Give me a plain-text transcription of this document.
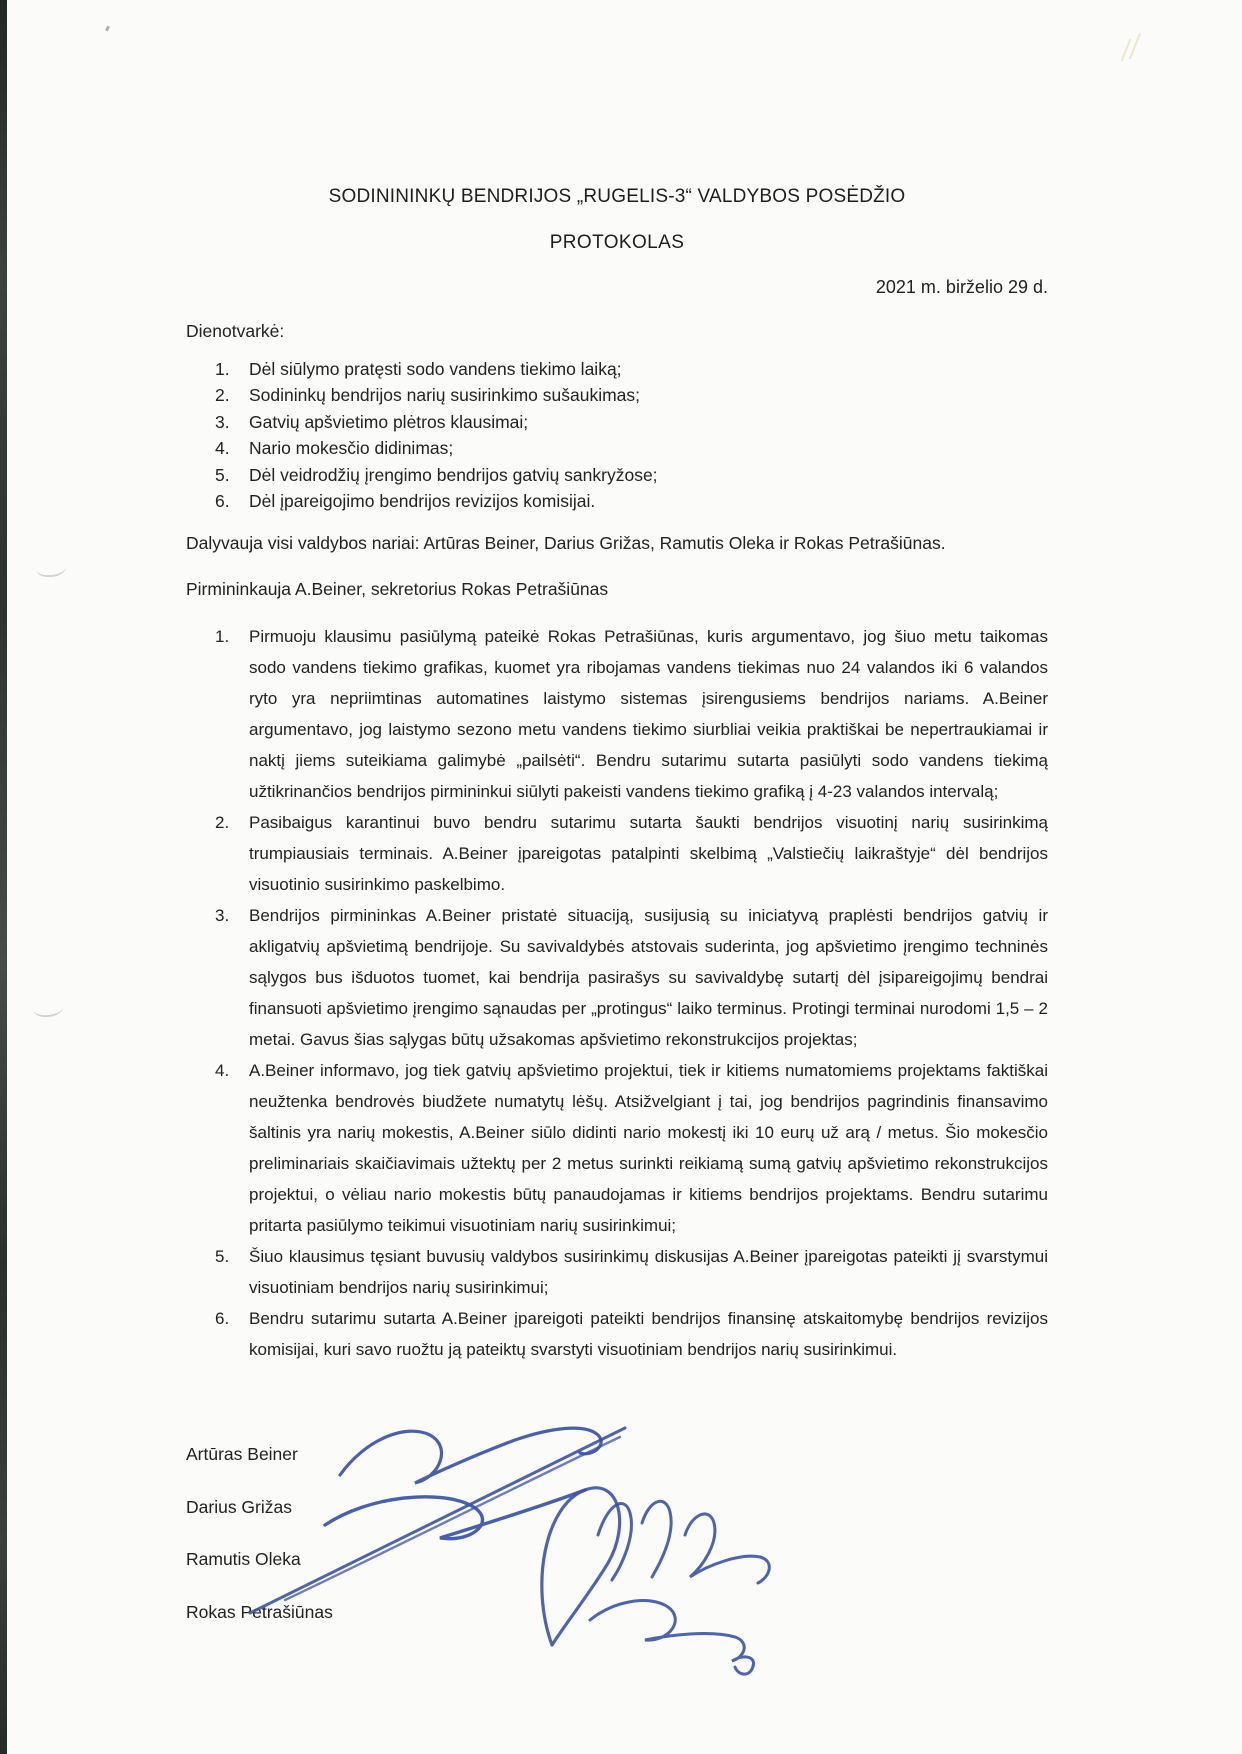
SODINININKŲ BENDRIJOS „RUGELIS-3“ VALDYBOS POSĖDŽIO
PROTOKOLAS
2021 m. birželio 29 d.
Dienotvarkė:
1.	Dėl siūlymo pratęsti sodo vandens tiekimo laiką;
2.	Sodininkų bendrijos narių susirinkimo sušaukimas;
3.	Gatvių apšvietimo plėtros klausimai;
4.	Nario mokesčio didinimas;
5.	Dėl veidrodžių įrengimo bendrijos gatvių sankryžose;
6.	Dėl įpareigojimo bendrijos revizijos komisijai.
Dalyvauja visi valdybos nariai: Artūras Beiner, Darius Grižas, Ramutis Oleka ir Rokas Petrašiūnas.
Pirmininkauja A.Beiner, sekretorius Rokas Petrašiūnas
1.	Pirmuoju klausimu pasiūlymą pateikė Rokas Petrašiūnas, kuris argumentavo, jog šiuo metu taikomas sodo vandens tiekimo grafikas, kuomet yra ribojamas vandens tiekimas nuo 24 valandos iki 6 valandos ryto yra nepriimtinas automatines laistymo sistemas įsirengusiems bendrijos nariams. A.Beiner argumentavo, jog laistymo sezono metu vandens tiekimo siurbliai veikia praktiškai be nepertraukiamai ir naktį jiems suteikiama galimybė „pailsėti“. Bendru sutarimu sutarta pasiūlyti sodo vandens tiekimą užtikrinančios bendrijos pirmininkui siūlyti pakeisti vandens tiekimo grafiką į 4-23 valandos intervalą;
2.	Pasibaigus karantinui buvo bendru sutarimu sutarta šaukti bendrijos visuotinį narių susirinkimą trumpiausiais terminais. A.Beiner įpareigotas patalpinti skelbimą „Valstiečių laikraštyje“ dėl bendrijos visuotinio susirinkimo paskelbimo.
3.	Bendrijos pirmininkas A.Beiner pristatė situaciją, susijusią su iniciatyvą praplėsti bendrijos gatvių ir akligatvių apšvietimą bendrijoje. Su savivaldybės atstovais suderinta, jog apšvietimo įrengimo techninės sąlygos bus išduotos tuomet, kai bendrija pasirašys su savivaldybę sutartį dėl įsipareigojimų bendrai finansuoti apšvietimo įrengimo sąnaudas per „protingus“ laiko terminus. Protingi terminai nurodomi 1,5 – 2 metai. Gavus šias sąlygas būtų užsakomas apšvietimo rekonstrukcijos projektas;
4.	A.Beiner informavo, jog tiek gatvių apšvietimo projektui, tiek ir kitiems numatomiems projektams faktiškai neužtenka bendrovės biudžete numatytų lėšų. Atsižvelgiant į tai, jog bendrijos pagrindinis finansavimo šaltinis yra narių mokestis, A.Beiner siūlo didinti nario mokestį iki 10 eurų už arą / metus. Šio mokesčio preliminariais skaičiavimais užtektų per 2 metus surinkti reikiamą sumą gatvių apšvietimo rekonstrukcijos projektui, o vėliau nario mokestis būtų panaudojamas ir kitiems bendrijos projektams. Bendru sutarimu pritarta pasiūlymo teikimui visuotiniam narių susirinkimui;
5.	Šiuo klausimus tęsiant buvusių valdybos susirinkimų diskusijas A.Beiner įpareigotas pateikti jį svarstymui visuotiniam bendrijos narių susirinkimui;
6.	Bendru sutarimu sutarta A.Beiner įpareigoti pateikti bendrijos finansinę atskaitomybę bendrijos revizijos komisijai, kuri savo ruožtu ją pateiktų svarstyti visuotiniam bendrijos narių susirinkimui.
Artūras Beiner
Darius Grižas
Ramutis Oleka
Rokas Petrašiūnas
